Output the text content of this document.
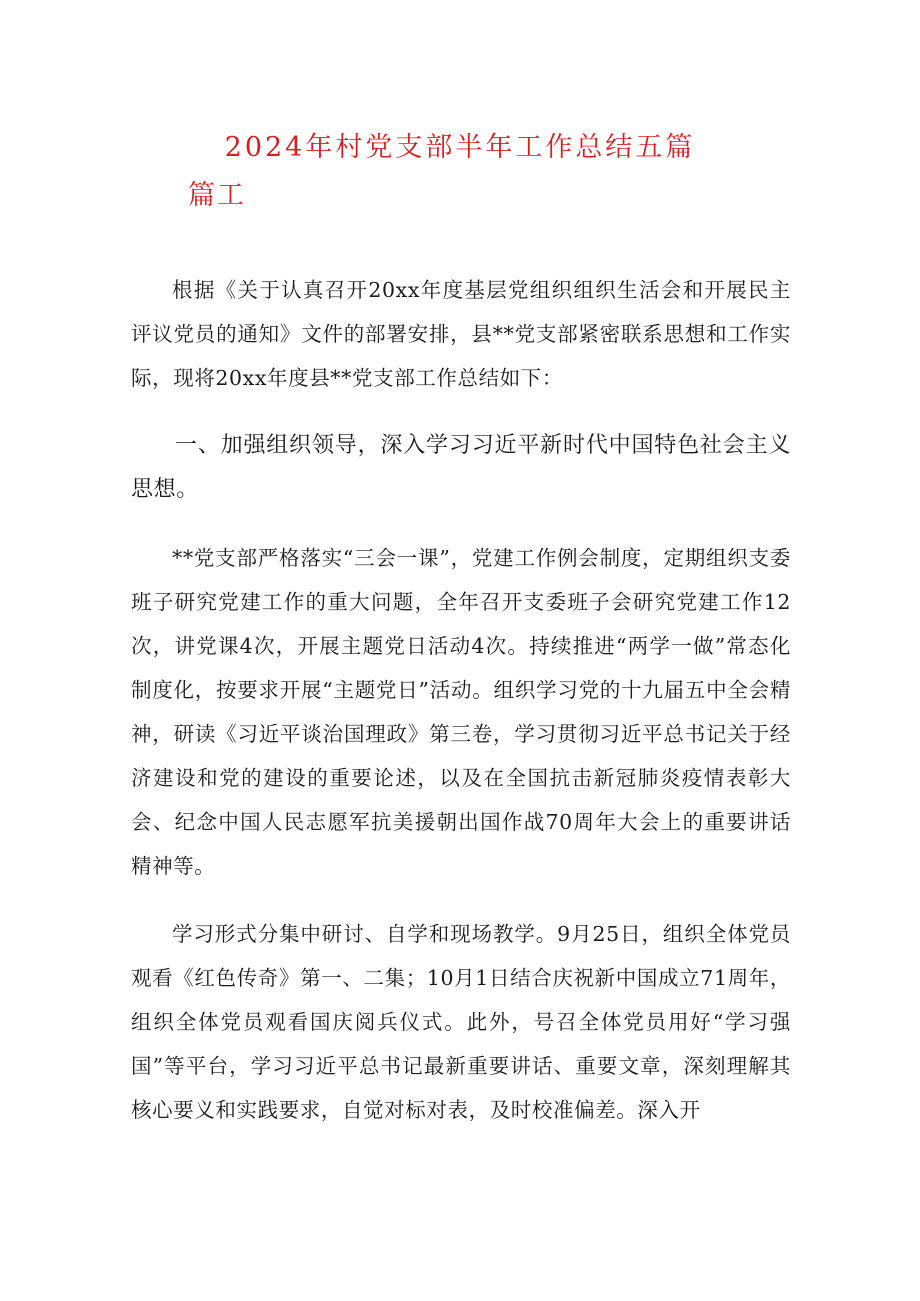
2024年村党支部半年工作总结五篇
篇工

根据《关于认真召开20xx年度基层党组织组织生活会和开展民主评议党员的通知》文件的部署安排，县**党支部紧密联系思想和工作实际，现将20xx年度县**党支部工作总结如下：

一、加强组织领导，深入学习习近平新时代中国特色社会主义思想。

**党支部严格落实“三会一课”，党建工作例会制度，定期组织支委班子研究党建工作的重大问题，全年召开支委班子会研究党建工作12次，讲党课4次，开展主题党日活动4次。持续推进“两学一做”常态化制度化，按要求开展“主题党日”活动。组织学习党的十九届五中全会精神，研读《习近平谈治国理政》第三卷，学习贯彻习近平总书记关于经济建设和党的建设的重要论述，以及在全国抗击新冠肺炎疫情表彰大会、纪念中国人民志愿军抗美援朝出国作战70周年大会上的重要讲话精神等。

学习形式分集中研讨、自学和现场教学。9月25日，组织全体党员观看《红色传奇》第一、二集；10月1日结合庆祝新中国成立71周年，组织全体党员观看国庆阅兵仪式。此外，号召全体党员用好“学习强国”等平台，学习习近平总书记最新重要讲话、重要文章，深刻理解其核心要义和实践要求，自觉对标对表，及时校准偏差。深入开
